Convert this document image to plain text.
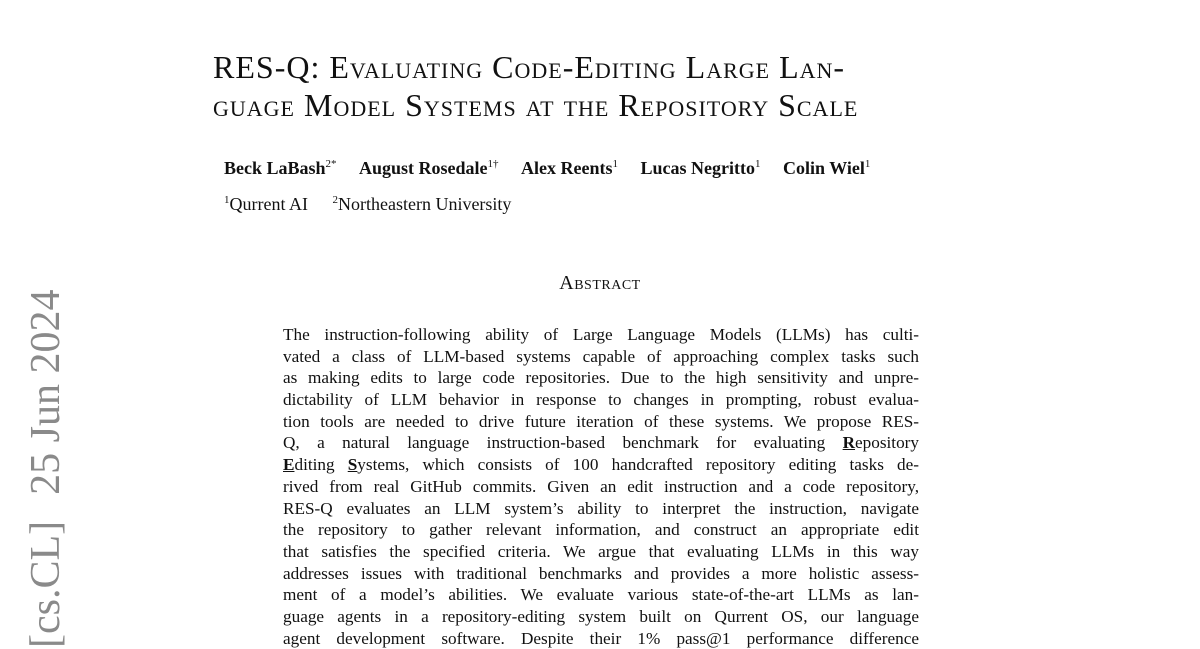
[cs.CL]25 Jun 2024
RES-Q: Evaluating Code-Editing Large Lan-
guage Model Systems at the Repository Scale
Beck LaBash$^{2*}$ August Rosedale$^{1\dagger}$ Alex Reents$^1$ Lucas Negritto$^1$ Colin Wiel$^1$
$^1$Qurrent AI $^2$Northeastern University
Abstract
The instruction-following ability of Large Language Models (LLMs) has culti-
vated a class of LLM-based systems capable of approaching complex tasks such
as making edits to large code repositories. Due to the high sensitivity and unpre-
dictability of LLM behavior in response to changes in prompting, robust evalua-
tion tools are needed to drive future iteration of these systems. We propose RES-
Q, a natural language instruction-based benchmark for evaluating Repository
Editing Systems, which consists of 100 handcrafted repository editing tasks de-
rived from real GitHub commits. Given an edit instruction and a code repository,
RES-Q evaluates an LLM system’s ability to interpret the instruction, navigate
the repository to gather relevant information, and construct an appropriate edit
that satisfies the specified criteria. We argue that evaluating LLMs in this way
addresses issues with traditional benchmarks and provides a more holistic assess-
ment of a model’s abilities. We evaluate various state-of-the-art LLMs as lan-
guage agents in a repository-editing system built on Qurrent OS, our language
agent development software. Despite their 1% pass@1 performance difference
